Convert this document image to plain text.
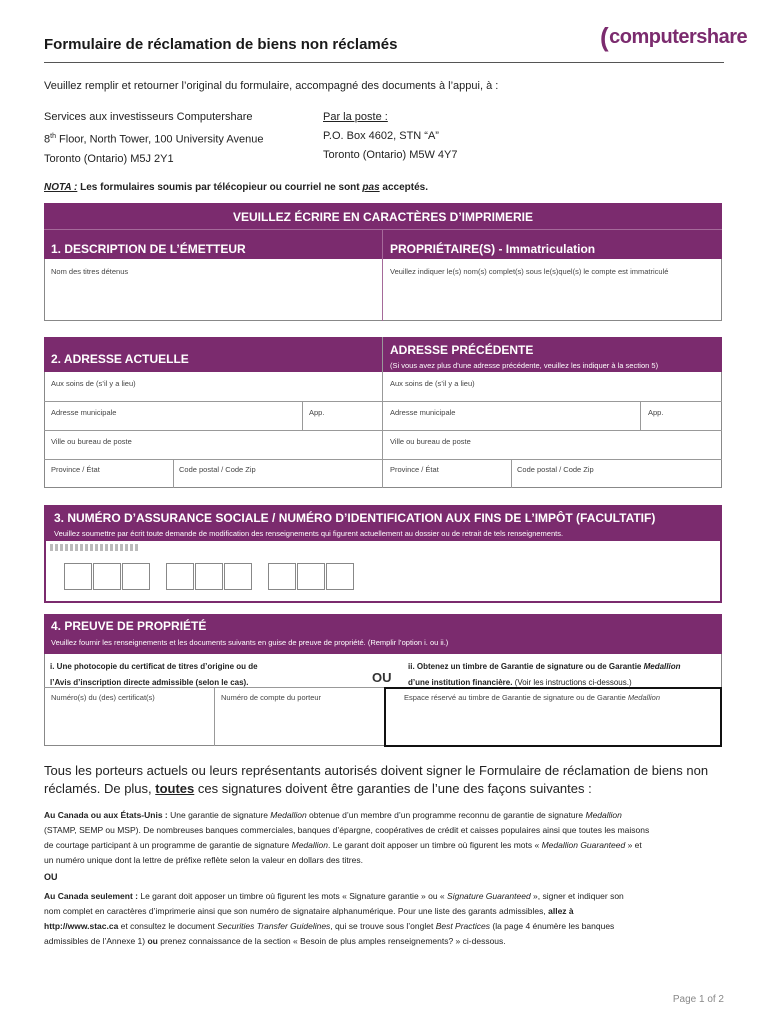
Formulaire de réclamation de biens non réclamés	(computershare
Veuillez remplir et retourner l’original du formulaire, accompagné des documents à l’appui, à :
Services aux investisseurs Computershare
8th Floor, North Tower, 100 University Avenue
Toronto (Ontario) M5J 2Y1
Par la poste :
P.O. Box 4602, STN “A”
Toronto (Ontario) M5W 4Y7
NOTA : Les formulaires soumis par télécopieur ou courriel ne sont pas acceptés.
VEUILLEZ ÉCRIRE EN CARACTÈRES D’IMPRIMERIE
1. DESCRIPTION DE L’ÉMETTEUR	PROPRIÉTAIRE(S) - Immatriculation
Nom des titres détenus	Veuillez indiquer le(s) nom(s) complet(s) sous le(s)quel(s) le compte est immatriculé
2. ADRESSE ACTUELLE
ADRESSE PRÉCÉDENTE
(Si vous avez plus d’une adresse précédente, veuillez les indiquer à la section 5)
Aux soins de (s’il y a lieu)	Aux soins de (s’il y a lieu)
Adresse municipale	App.	Adresse municipale	App.
Ville ou bureau de poste	Ville ou bureau de poste
Province / État	Code postal / Code Zip	Province / État	Code postal / Code Zip
3. NUMÉRO D’ASSURANCE SOCIALE / NUMÉRO D’IDENTIFICATION AUX FINS DE L’IMPÔT (FACULTATIF)
Veuillez soumettre par écrit toute demande de modification des renseignements qui figurent actuellement au dossier ou de retrait de tels renseignements.
4. PREUVE DE PROPRIÉTÉ
Veuillez fournir les renseignements et les documents suivants en guise de preuve de propriété. (Remplir l’option i. ou ii.)
i. Une photocopie du certificat de titres d’origine ou de
l’Avis d’inscription directe admissible (selon le cas).	OU
ii. Obtenez un timbre de Garantie de signature ou de Garantie Medallion
d’une institution financière. (Voir les instructions ci-dessous.)
Numéro(s) du (des) certificat(s)	Numéro de compte du porteur	Espace réservé au timbre de Garantie de signature ou de Garantie Medallion
Tous les porteurs actuels ou leurs représentants autorisés doivent signer le Formulaire de réclamation de biens non
réclamés. De plus, toutes ces signatures doivent être garanties de l’une des façons suivantes :
Au Canada ou aux États-Unis : Une garantie de signature Medallion obtenue d’un membre d’un programme reconnu de garantie de signature Medallion
(STAMP, SEMP ou MSP). De nombreuses banques commerciales, banques d’épargne, coopératives de crédit et caisses populaires ainsi que toutes les maisons
de courtage participant à un programme de garantie de signature Medallion. Le garant doit apposer un timbre où figurent les mots « Medallion Guaranteed » et
un numéro unique dont la lettre de préfixe reflète selon la valeur en dollars des titres.
OU
Au Canada seulement : Le garant doit apposer un timbre où figurent les mots « Signature garantie » ou « Signature Guaranteed », signer et indiquer son
nom complet en caractères d’imprimerie ainsi que son numéro de signataire alphanumérique. Pour une liste des garants admissibles, allez à
http://www.stac.ca et consultez le document Securities Transfer Guidelines, qui se trouve sous l’onglet Best Practices (la page 4 énumère les banques
admissibles de l’Annexe 1) ou prenez connaissance de la section « Besoin de plus amples renseignements? » ci-dessous.
Page 1 of 2
